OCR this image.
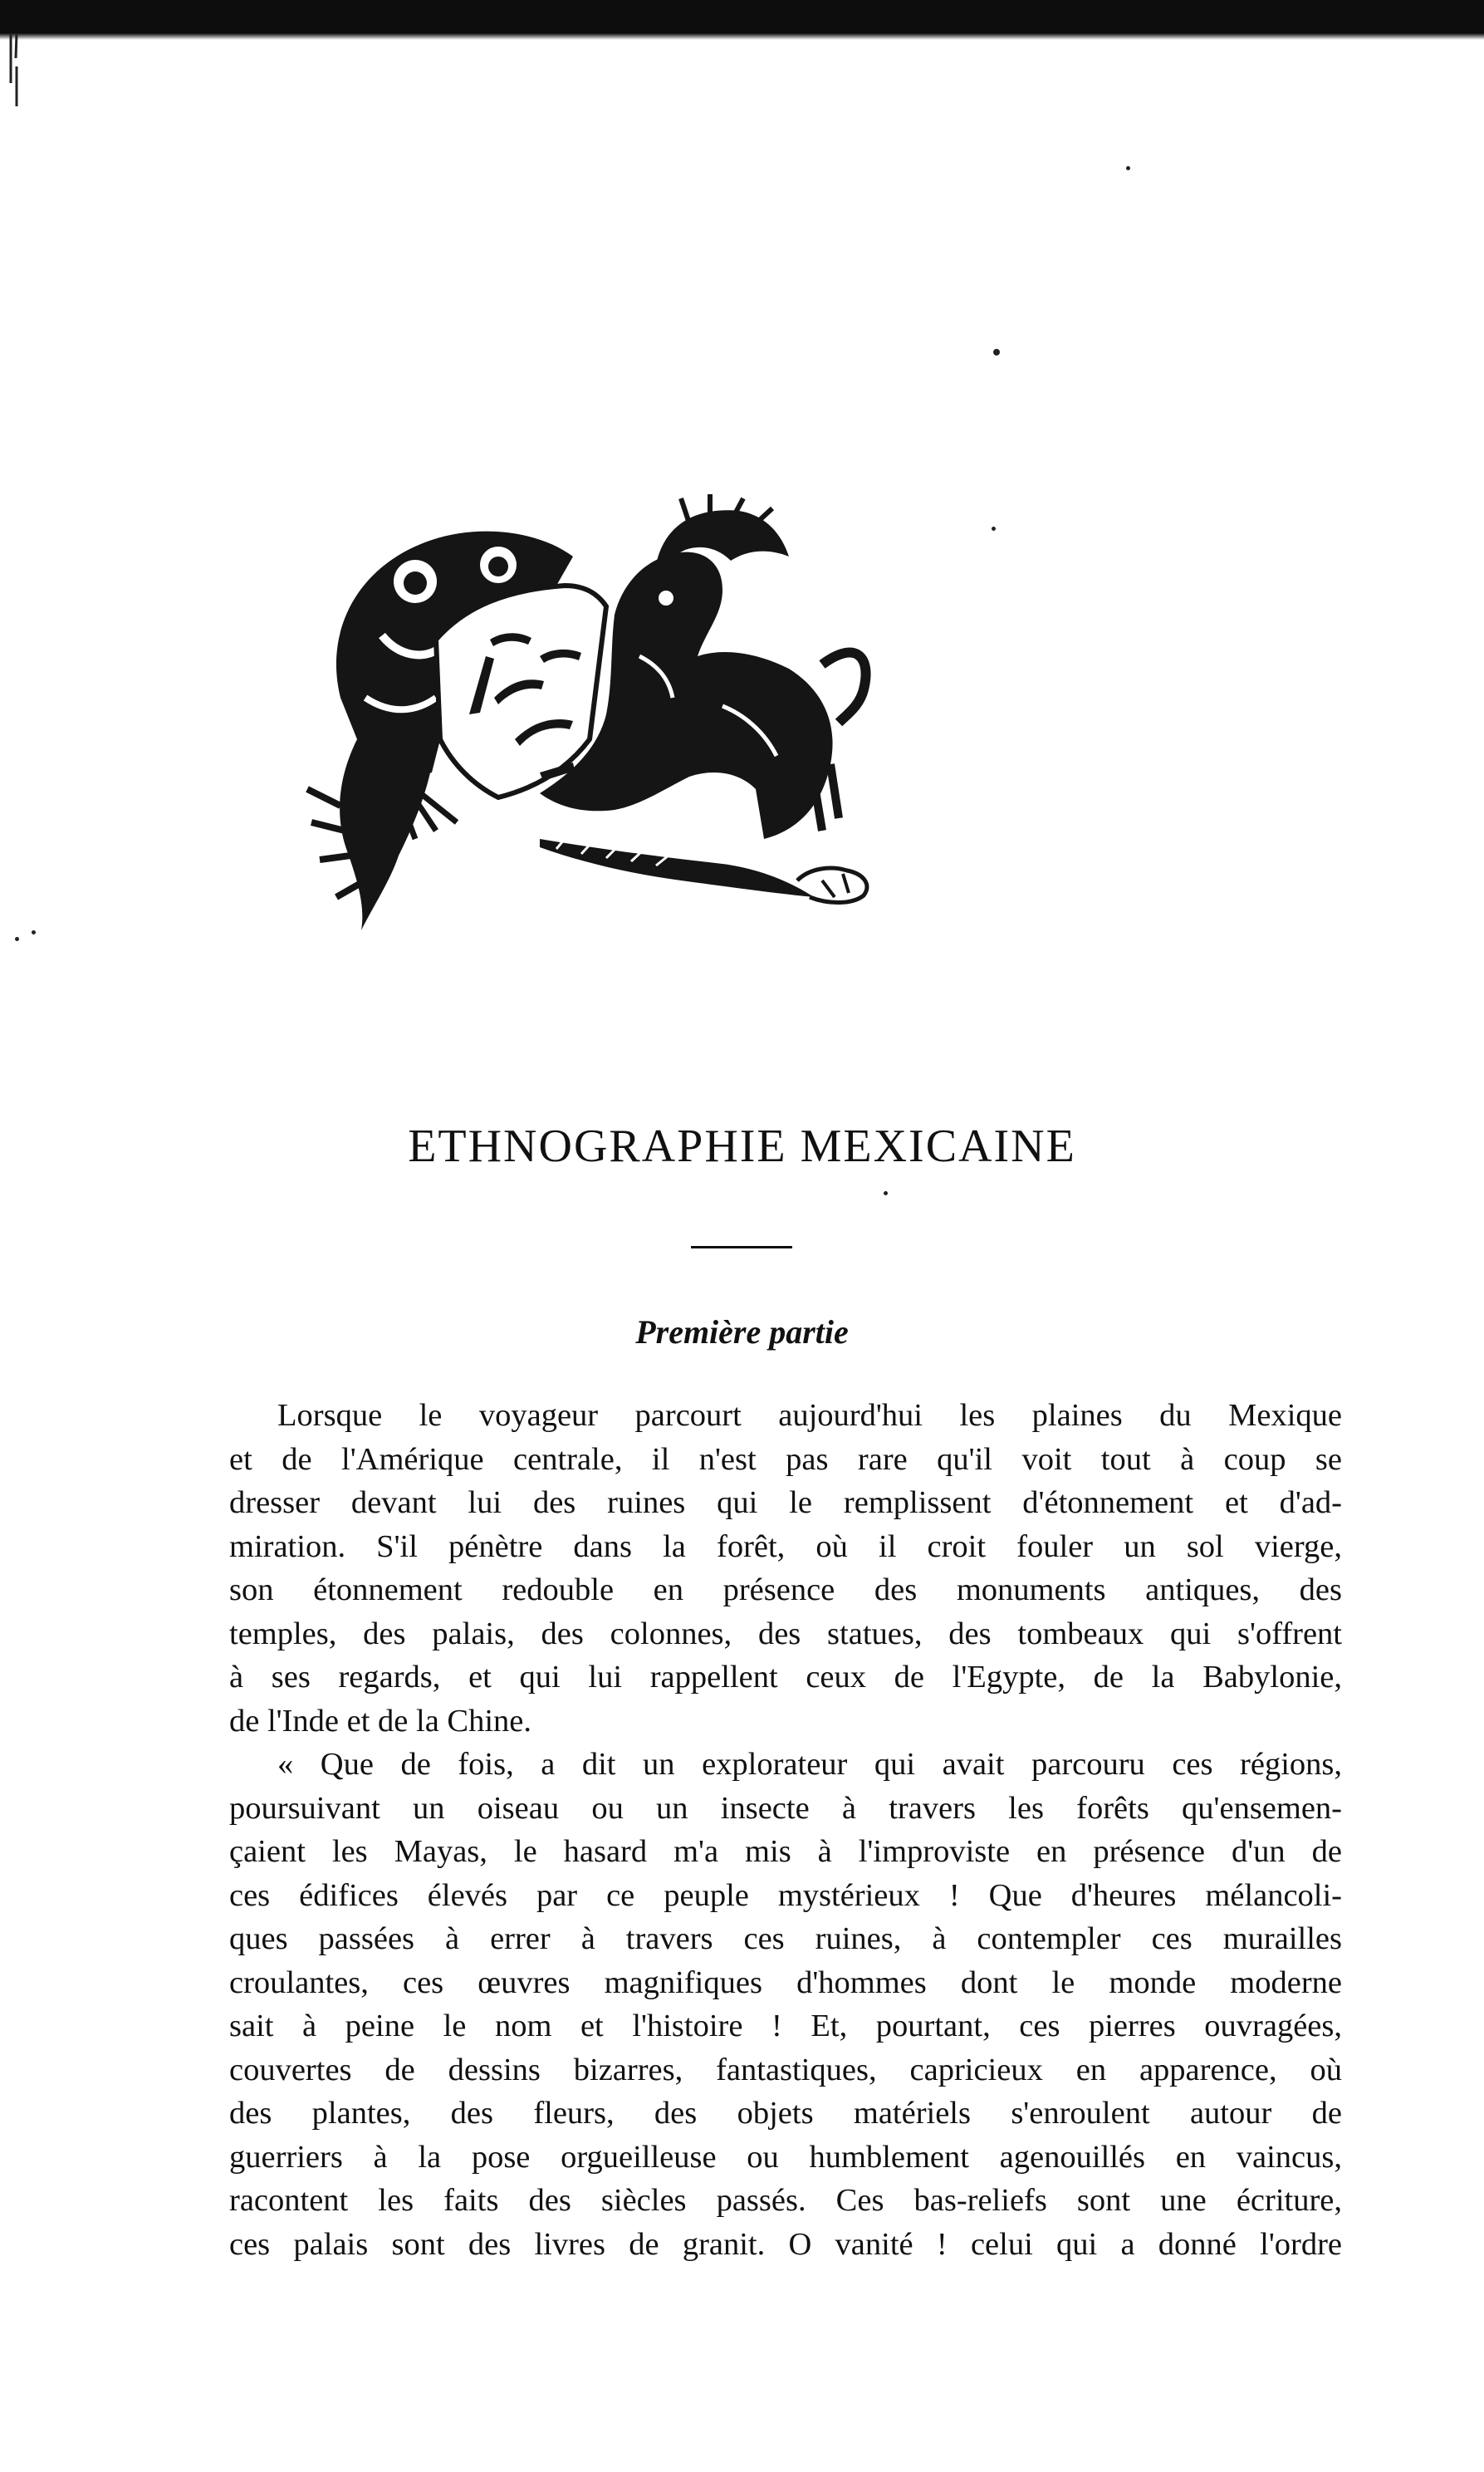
ETHNOGRAPHIE MEXICAINE
Première partie

Lorsque le voyageur parcourt aujourd'hui les plaines du Mexique
et de l'Amérique centrale, il n'est pas rare qu'il voit tout à coup se
dresser devant lui des ruines qui le remplissent d'étonnement et d'ad-
miration. S'il pénètre dans la forêt, où il croit fouler un sol vierge,
son étonnement redouble en présence des monuments antiques, des
temples, des palais, des colonnes, des statues, des tombeaux qui s'offrent
à ses regards, et qui lui rappellent ceux de l'Egypte, de la Babylonie,
de l'Inde et de la Chine.

« Que de fois, a dit un explorateur qui avait parcouru ces régions,
poursuivant un oiseau ou un insecte à travers les forêts qu'ensemen-
çaient les Mayas, le hasard m'a mis à l'improviste en présence d'un de
ces édifices élevés par ce peuple mystérieux ! Que d'heures mélancoli-
ques passées à errer à travers ces ruines, à contempler ces murailles
croulantes, ces œuvres magnifiques d'hommes dont le monde moderne
sait à peine le nom et l'histoire ! Et, pourtant, ces pierres ouvragées,
couvertes de dessins bizarres, fantastiques, capricieux en apparence, où
des plantes, des fleurs, des objets matériels s'enroulent autour de
guerriers à la pose orgueilleuse ou humblement agenouillés en vaincus,
racontent les faits des siècles passés. Ces bas-reliefs sont une écriture,
ces palais sont des livres de granit. O vanité ! celui qui a donné l'ordre
